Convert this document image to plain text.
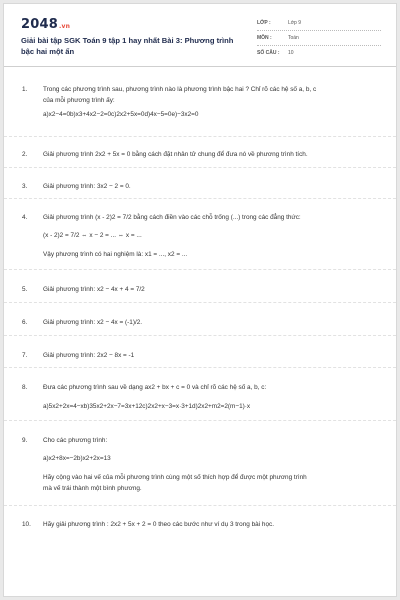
2048.vn
Giải bài tập SGK Toán 9 tập 1 hay nhất Bài 3: Phương trình bậc hai một ẩn
LỚP :	Lớp 9
MÔN :	Toán
SỐ CÂU : 10
1. Trong các phương trình sau, phương trình nào là phương trình bậc hai ? Chỉ rõ các hệ số a, b, c
của mỗi phương trình ấy:
a)x2−4=0b)x3+4x2−2=0c)2x2+5x=0d)4x−5=0e)−3x2=0
2. Giải phương trình 2x2 + 5x = 0 bằng cách đặt nhân tử chung để đưa nó về phương trình tích.
3. Giải phương trình: 3x2 − 2 = 0.
4. Giải phương trình (x - 2)2 = 7/2 bằng cách điền vào các chỗ trống (...) trong các đẳng thức:
(x - 2)2 = 7/2 ⇔ x − 2 = ... ⇔ x = ...
Vậy phương trình có hai nghiệm là: x1 = ..., x2 = ...
5. Giải phương trình: x2 − 4x + 4 = 7/2
6. Giải phương trình: x2 − 4x = (-1)/2.
7. Giải phương trình: 2x2 − 8x = -1
8. Đưa các phương trình sau về dạng ax2 + bx + c = 0 và chỉ rõ các hệ số a, b, c:
a)5x2+2x=4−xb)35x2+2x−7=3x+12c)2x2+x−3=x·3+1d)2x2+m2=2(m−1)·x
9. Cho các phương trình:
a)x2+8x=−2b)x2+2x=13
Hãy cộng vào hai vế của mỗi phương trình cùng một số thích hợp để được một phương trình
mà vế trái thành một bình phương.
10. Hãy giải phương trình : 2x2 + 5x + 2 = 0 theo các bước như ví dụ 3 trong bài học.
